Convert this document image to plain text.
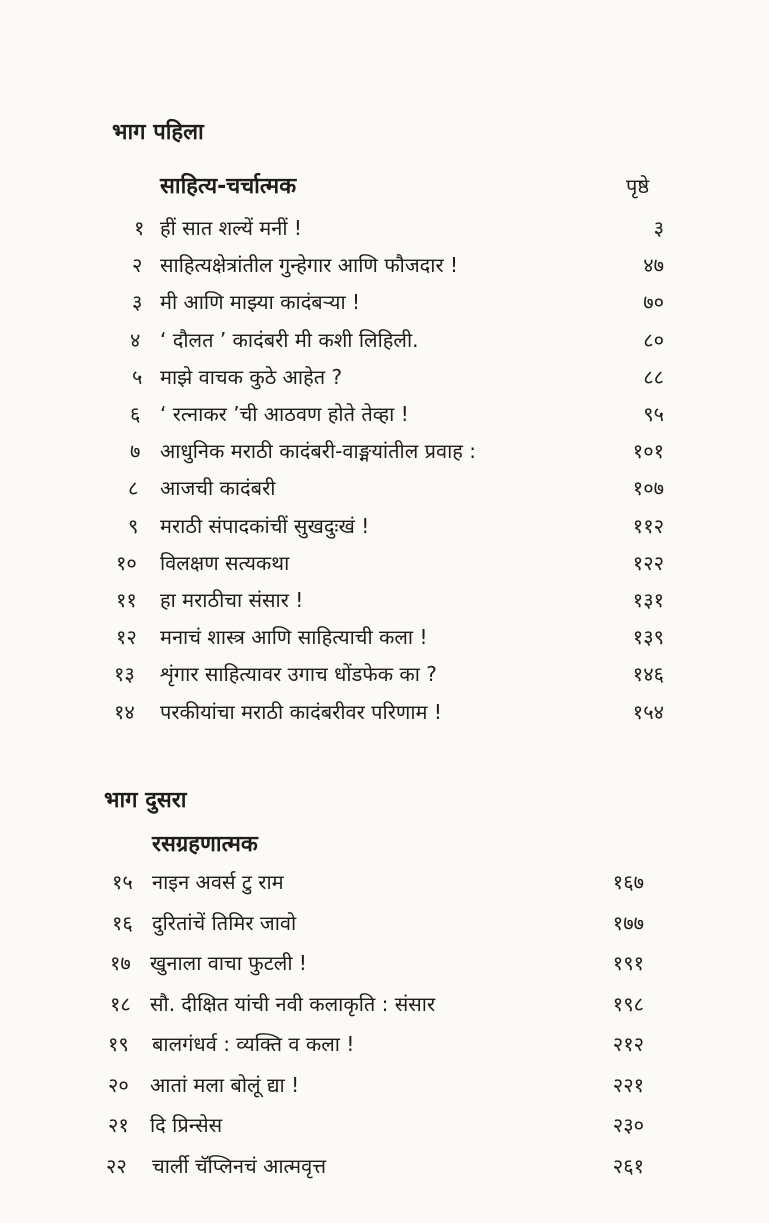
भाग पहिला
साहित्य-चर्चात्मक	पृष्ठे
१ हीं सात शल्यें मनीं !	३
२ साहित्यक्षेत्रांतील गुन्हेगार आणि फौजदार !	४७
३ मी आणि माझ्या कादंबऱ्या !	७०
४ ‘ दौलत ’ कादंबरी मी कशी लिहिली.	८०
५ माझे वाचक कुठे आहेत ?	८८
६ ‘ रत्नाकर ’ची आठवण होते तेव्हा !	९५
७ आधुनिक मराठी कादंबरी-वाङ्मयांतील प्रवाह :	१०१
८ आजची कादंबरी	१०७
९ मराठी संपादकांचीं सुखदुःखं !	११२
१० विलक्षण सत्यकथा	१२२
११ हा मराठीचा संसार !	१३१
१२ मनाचं शास्त्र आणि साहित्याची कला !	१३९
१३ शृंगार साहित्यावर उगाच धोंडफेक का ?	१४६
१४ परकीयांचा मराठी कादंबरीवर परिणाम !	१५४
भाग दुसरा
रसग्रहणात्मक
१५ नाइन अवर्स टु राम	१६७
१६ दुरितांचें तिमिर जावो	१७७
१७ खुनाला वाचा फुटली !	१९१
१८ सौ. दीक्षित यांची नवी कलाकृति : संसार	१९८
१९ बालगंधर्व : व्यक्ति व कला !	२१२
२० आतां मला बोलूं द्या !	२२१
२१ दि प्रिन्सेस	२३०
२२ चार्ली चॅप्लिनचं आत्मवृत्त	२६१
